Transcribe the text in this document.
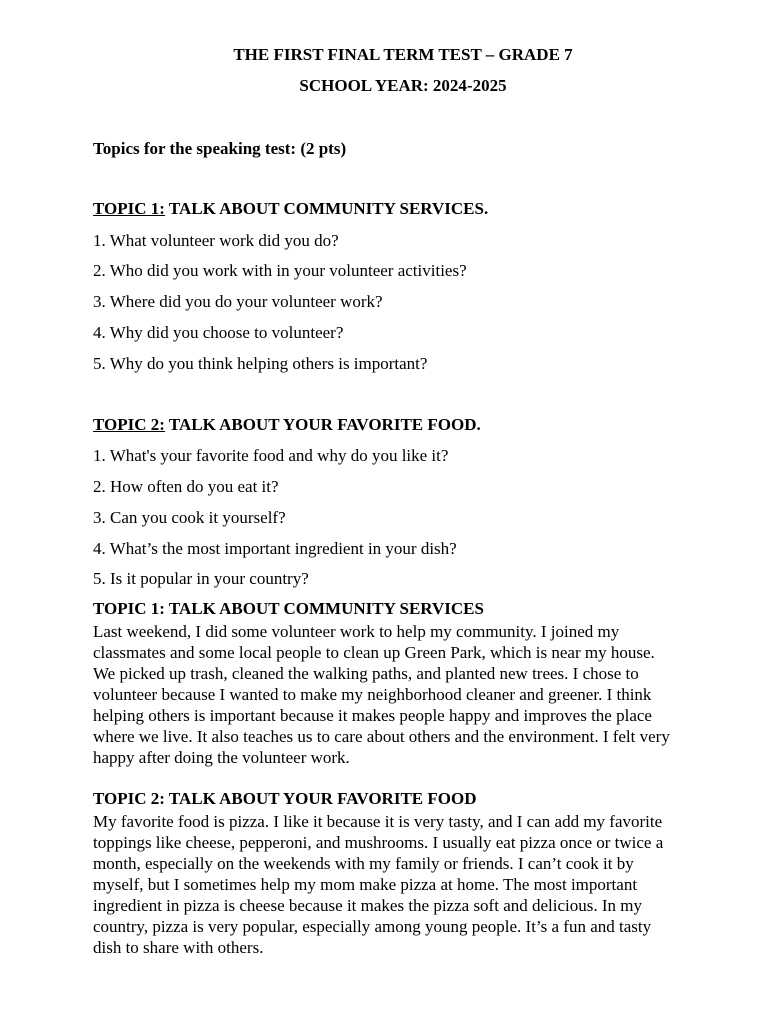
THE FIRST FINAL TERM TEST – GRADE 7
SCHOOL YEAR: 2024-2025
Topics for the speaking test: (2 pts)
TOPIC 1: TALK ABOUT COMMUNITY SERVICES.
1. What volunteer work did you do?
2. Who did you work with in your volunteer activities?
3. Where did you do your volunteer work?
4. Why did you choose to volunteer?
5. Why do you think helping others is important?
TOPIC 2: TALK ABOUT YOUR FAVORITE FOOD.
1. What's your favorite food and why do you like it?
2. How often do you eat it?
3. Can you cook it yourself?
4. What’s the most important ingredient in your dish?
5. Is it popular in your country?
TOPIC 1: TALK ABOUT COMMUNITY SERVICES
Last weekend, I did some volunteer work to help my community. I joined my
classmates and some local people to clean up Green Park, which is near my house.
We picked up trash, cleaned the walking paths, and planted new trees. I chose to
volunteer because I wanted to make my neighborhood cleaner and greener. I think
helping others is important because it makes people happy and improves the place
where we live. It also teaches us to care about others and the environment. I felt very
happy after doing the volunteer work.
TOPIC 2: TALK ABOUT YOUR FAVORITE FOOD
My favorite food is pizza. I like it because it is very tasty, and I can add my favorite
toppings like cheese, pepperoni, and mushrooms. I usually eat pizza once or twice a
month, especially on the weekends with my family or friends. I can’t cook it by
myself, but I sometimes help my mom make pizza at home. The most important
ingredient in pizza is cheese because it makes the pizza soft and delicious. In my
country, pizza is very popular, especially among young people. It’s a fun and tasty
dish to share with others.
